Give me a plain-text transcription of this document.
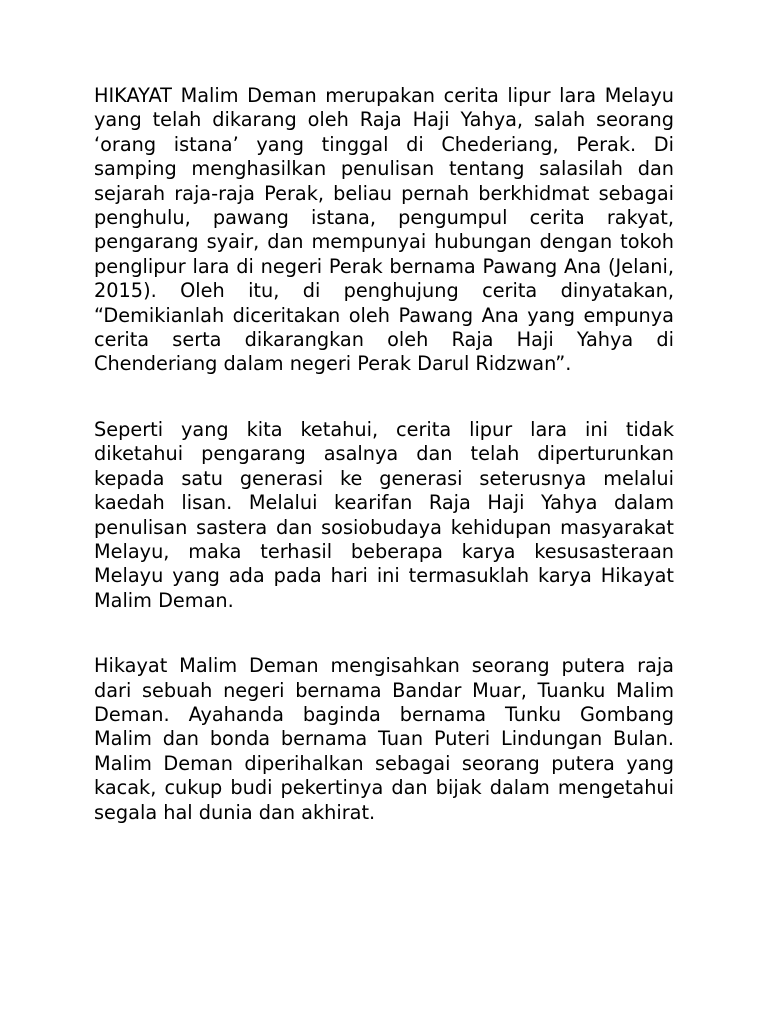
HIKAYAT Malim Deman merupakan cerita lipur lara Melayu yang telah dikarang oleh Raja Haji Yahya, salah seorang ‘orang istana’ yang tinggal di Chederiang, Perak. Di samping menghasilkan penulisan tentang salasilah dan sejarah raja-raja Perak, beliau pernah berkhidmat sebagai penghulu, pawang istana, pengumpul cerita rakyat, pengarang syair, dan mempunyai hubungan dengan tokoh penglipur lara di negeri Perak bernama Pawang Ana (Jelani, 2015). Oleh itu, di penghujung cerita dinyatakan, “Demikianlah diceritakan oleh Pawang Ana yang empunya cerita serta dikarangkan oleh Raja Haji Yahya di Chenderiang dalam negeri Perak Darul Ridzwan”.

Seperti yang kita ketahui, cerita lipur lara ini tidak diketahui pengarang asalnya dan telah diperturunkan kepada satu generasi ke generasi seterusnya melalui kaedah lisan. Melalui kearifan Raja Haji Yahya dalam penulisan sastera dan sosiobudaya kehidupan masyarakat Melayu, maka terhasil beberapa karya kesusasteraan Melayu yang ada pada hari ini termasuklah karya Hikayat Malim Deman.

Hikayat Malim Deman mengisahkan seorang putera raja dari sebuah negeri bernama Bandar Muar, Tuanku Malim Deman. Ayahanda baginda bernama Tunku Gombang Malim dan bonda bernama Tuan Puteri Lindungan Bulan. Malim Deman diperihalkan sebagai seorang putera yang kacak, cukup budi pekertinya dan bijak dalam mengetahui segala hal dunia dan akhirat.
